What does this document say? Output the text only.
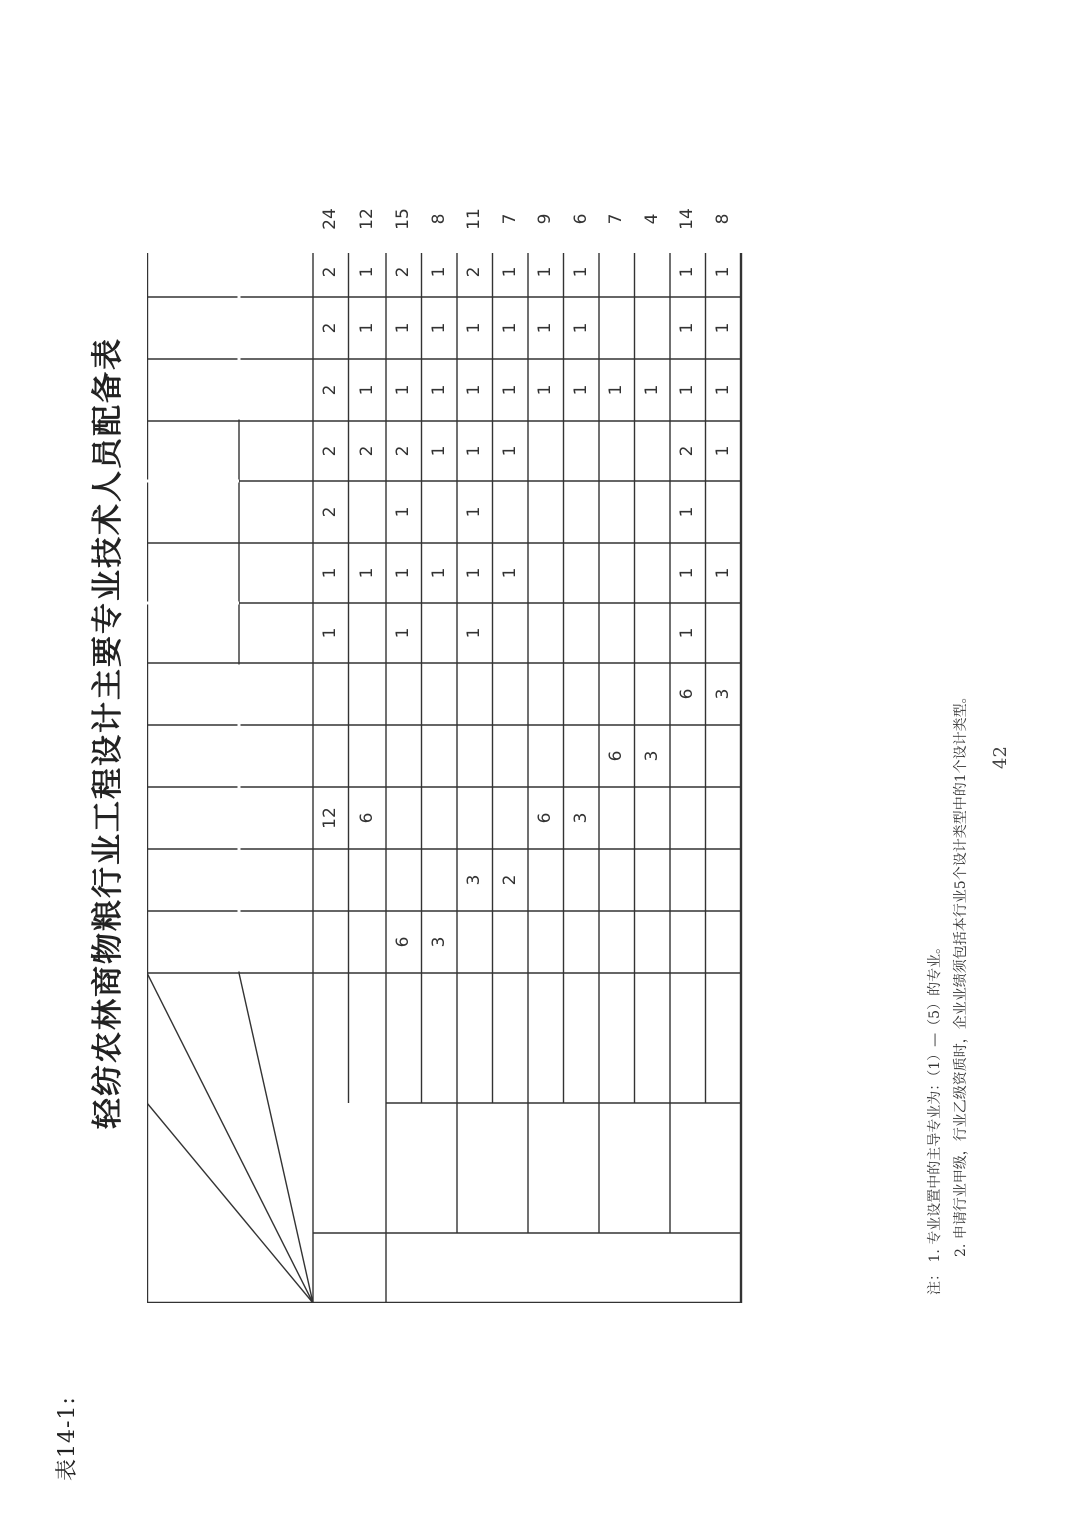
表14-1:
轻纺农林商物粮行业工程设计主要专业技术人员配备表	12
1
1
2
2
2
2
2
24
6
1
2
1
1
1
12
6
1
1
1
2
1
1
2
15
3
1
1
1
1
1
8
3
1
1
1
1
1
1
2
11
2
1
1
1
1
1
7
6
1
1
1
9
3
1
1
1
6
6
1
7
3
1
4
6
1
1
1
2
1
1
1
14
3
1
1
1
1
1
8
注： 1. 专业设置中的主导专业为：（1）—（5）的专业。 2. 申请行业甲级，行业乙级资质时，企业业绩须包括本行业5个设计类型中的1个设计类型。 42
